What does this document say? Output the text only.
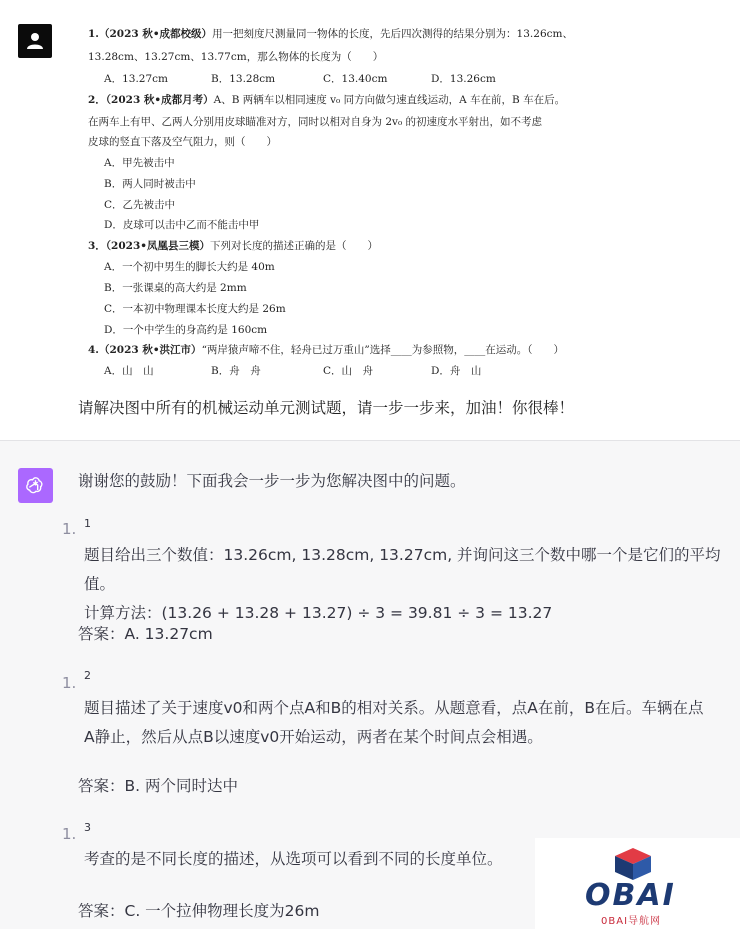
1.（2023 秋•成都校级）用一把刻度尺测量同一物体的长度，先后四次测得的结果分别为：13.26cm、
13.28cm、13.27cm、13.77cm，那么物体的长度为（　　）
A．13.27cm	B．13.28cm	C．13.40cm	D．13.26cm
2．（2023 秋•成都月考）A、B 两辆车以相同速度 v₀ 同方向做匀速直线运动，A 车在前，B 车在后。
在两车上有甲、乙两人分别用皮球瞄准对方，同时以相对自身为 2v₀ 的初速度水平射出，如不考虑
皮球的竖直下落及空气阻力，则（　　）
A．甲先被击中
B．两人同时被击中
C．乙先被击中
D．皮球可以击中乙而不能击中甲
3．（2023•凤凰县三模）下列对长度的描述正确的是（　　）
A．一个初中男生的脚长大约是 40m
B．一张课桌的高大约是 2mm
C．一本初中物理课本长度大约是 26m
D．一个中学生的身高约是 160cm
4.（2023 秋•洪江市）“两岸猿声啼不住，轻舟已过万重山”选择____为参照物，____在运动。（　　）
A．山　山	B．舟　舟	C．山　舟	D．舟　山
请解决图中所有的机械运动单元测试题，请一步一步来，加油！你很棒！
谢谢您的鼓励！下面我会一步一步为您解决图中的问题。
1. 1
题目给出三个数值：13.26cm, 13.28cm, 13.27cm, 并询问这三个数中哪一个是它们的平均值。
计算方法：(13.26 + 13.28 + 13.27) ÷ 3 = 39.81 ÷ 3 = 13.27
答案：A. 13.27cm
1. 2
题目描述了关于速度v0和两个点A和B的相对关系。从题意看，点A在前，B在后。车辆在点
A静止，然后从点B以速度v0开始运动，两者在某个时间点会相遇。
答案：B. 两个同时达中
1. 3
考查的是不同长度的描述，从选项可以看到不同的长度单位。
答案：C. 一个拉伸物理长度为26m	OBAI
0BAI导航网
